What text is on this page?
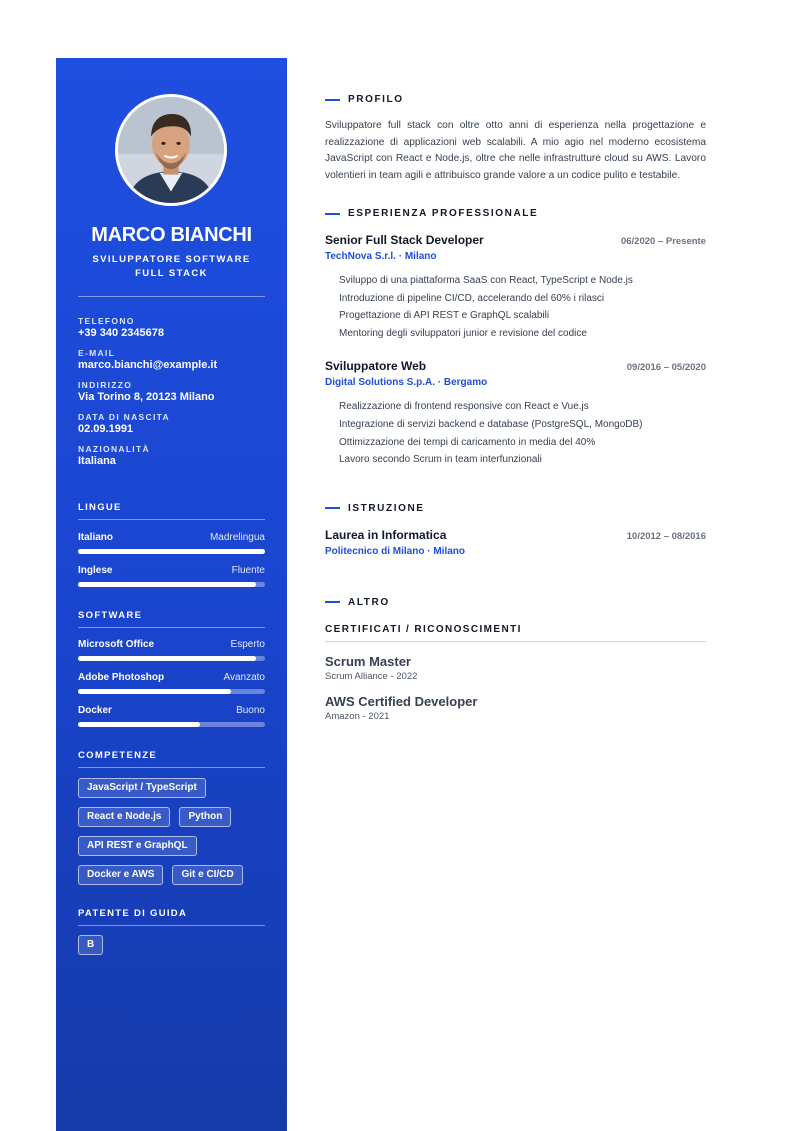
MARCO BIANCHI
SVILUPPATORE SOFTWARE FULL STACK
TELEFONO
+39 340 2345678
E-MAIL
marco.bianchi@example.it
INDIRIZZO
Via Torino 8, 20123 Milano
DATA DI NASCITA
02.09.1991
NAZIONALITÀ
Italiana
LINGUE
Italiano	Madrelingua
Inglese	Fluente
SOFTWARE
Microsoft Office	Esperto
Adobe Photoshop	Avanzato
Docker	Buono
COMPETENZE
JavaScript / TypeScript
React e Node.js	Python
API REST e GraphQL
Docker e AWS	Git e CI/CD
PATENTE DI GUIDA
B
PROFILO

Sviluppatore full stack con oltre otto anni di esperienza nella progettazione e realizzazione di applicazioni web scalabili. A mio agio nel moderno ecosistema JavaScript con React e Node.js, oltre che nelle infrastrutture cloud su AWS. Lavoro volentieri in team agili e attribuisco grande valore a un codice pulito e testabile.

ESPERIENZA PROFESSIONALE
Senior Full Stack Developer	06/2020 – Presente
TechNova S.r.l. · Milano
Sviluppo di una piattaforma SaaS con React, TypeScript e Node.js
Introduzione di pipeline CI/CD, accelerando del 60% i rilasci
Progettazione di API REST e GraphQL scalabili
Mentoring degli sviluppatori junior e revisione del codice
Sviluppatore Web	09/2016 – 05/2020
Digital Solutions S.p.A. · Bergamo
Realizzazione di frontend responsive con React e Vue.js
Integrazione di servizi backend e database (PostgreSQL, MongoDB)
Ottimizzazione dei tempi di caricamento in media del 40%
Lavoro secondo Scrum in team interfunzionali
ISTRUZIONE
Laurea in Informatica	10/2012 – 08/2016
Politecnico di Milano · Milano
ALTRO
CERTIFICATI / RICONOSCIMENTI
Scrum Master
Scrum Alliance - 2022
AWS Certified Developer
Amazon - 2021
